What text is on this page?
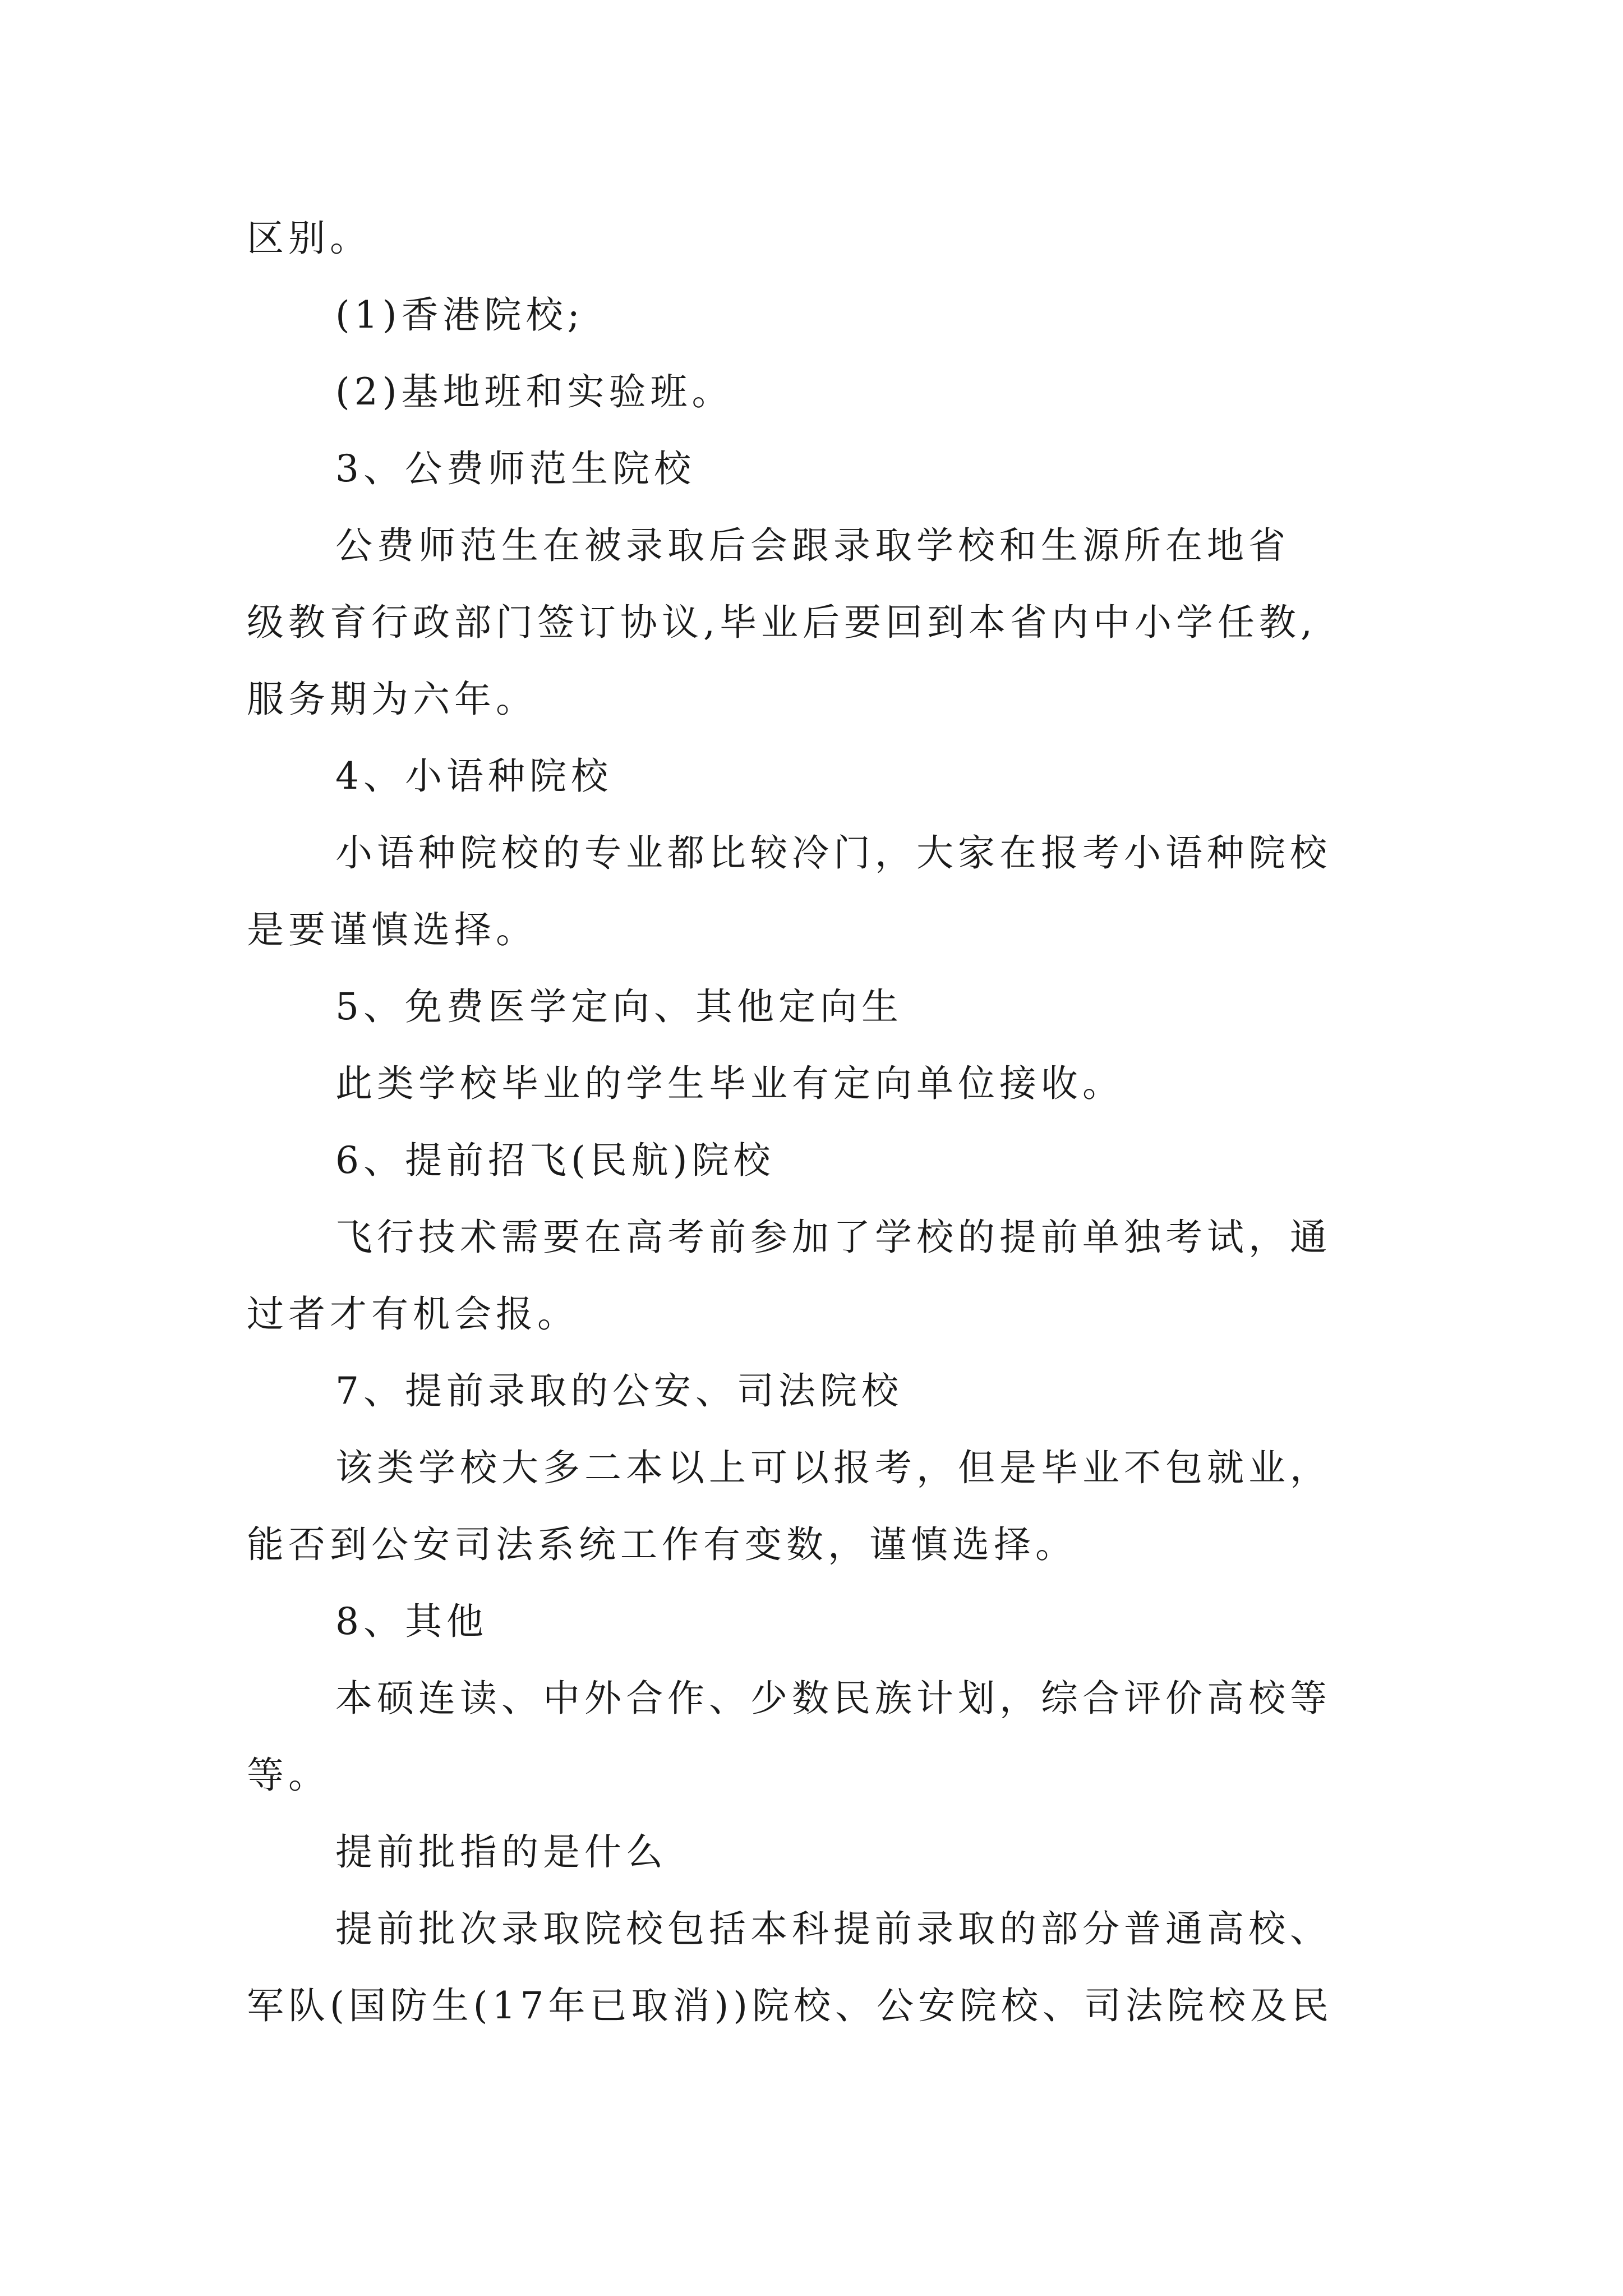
区别。

(1)香港院校;

(2)基地班和实验班。

3、公费师范生院校

公费师范生在被录取后会跟录取学校和生源所在地省

级教育行政部门签订协议,毕业后要回到本省内中小学任教,

服务期为六年。

4、小语种院校

小语种院校的专业都比较冷门，大家在报考小语种院校

是要谨慎选择。

5、免费医学定向、其他定向生

此类学校毕业的学生毕业有定向单位接收。

6、提前招飞(民航)院校

飞行技术需要在高考前参加了学校的提前单独考试，通

过者才有机会报。

7、提前录取的公安、司法院校

该类学校大多二本以上可以报考，但是毕业不包就业，

能否到公安司法系统工作有变数，谨慎选择。

8、其他

本硕连读、中外合作、少数民族计划，综合评价高校等

等。

提前批指的是什么

提前批次录取院校包括本科提前录取的部分普通高校、

军队(国防生(17年已取消))院校、公安院校、司法院校及民
